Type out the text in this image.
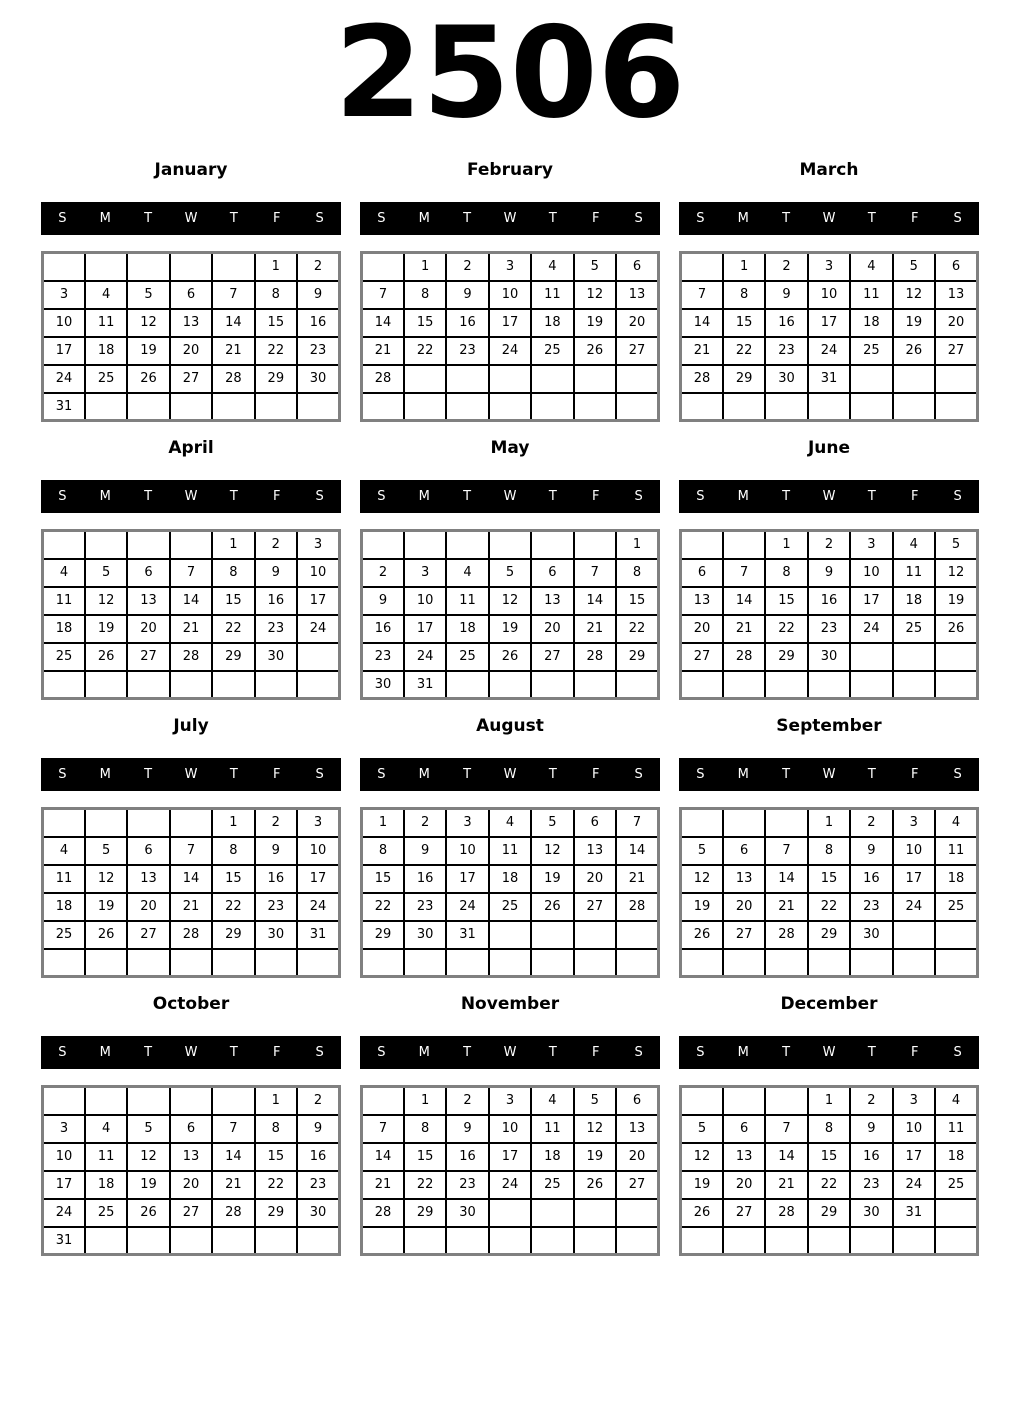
2506
January
S	M	T	W	T	F	S
					1	2
3	4	5	6	7	8	9
10	11	12	13	14	15	16
17	18	19	20	21	22	23
24	25	26	27	28	29	30
31						
February
S	M	T	W	T	F	S
	1	2	3	4	5	6
7	8	9	10	11	12	13
14	15	16	17	18	19	20
21	22	23	24	25	26	27
28						

March
S	M	T	W	T	F	S
	1	2	3	4	5	6
7	8	9	10	11	12	13
14	15	16	17	18	19	20
21	22	23	24	25	26	27
28	29	30	31			

April
S	M	T	W	T	F	S
				1	2	3
4	5	6	7	8	9	10
11	12	13	14	15	16	17
18	19	20	21	22	23	24
25	26	27	28	29	30	

May
S	M	T	W	T	F	S
						1
2	3	4	5	6	7	8
9	10	11	12	13	14	15
16	17	18	19	20	21	22
23	24	25	26	27	28	29
30	31					
June
S	M	T	W	T	F	S
		1	2	3	4	5
6	7	8	9	10	11	12
13	14	15	16	17	18	19
20	21	22	23	24	25	26
27	28	29	30			

July
S	M	T	W	T	F	S
				1	2	3
4	5	6	7	8	9	10
11	12	13	14	15	16	17
18	19	20	21	22	23	24
25	26	27	28	29	30	31

August
S	M	T	W	T	F	S
1	2	3	4	5	6	7
8	9	10	11	12	13	14
15	16	17	18	19	20	21
22	23	24	25	26	27	28
29	30	31				

September
S	M	T	W	T	F	S
			1	2	3	4
5	6	7	8	9	10	11
12	13	14	15	16	17	18
19	20	21	22	23	24	25
26	27	28	29	30		

October
S	M	T	W	T	F	S
					1	2
3	4	5	6	7	8	9
10	11	12	13	14	15	16
17	18	19	20	21	22	23
24	25	26	27	28	29	30
31						
November
S	M	T	W	T	F	S
	1	2	3	4	5	6
7	8	9	10	11	12	13
14	15	16	17	18	19	20
21	22	23	24	25	26	27
28	29	30				

December
S	M	T	W	T	F	S
			1	2	3	4
5	6	7	8	9	10	11
12	13	14	15	16	17	18
19	20	21	22	23	24	25
26	27	28	29	30	31	
